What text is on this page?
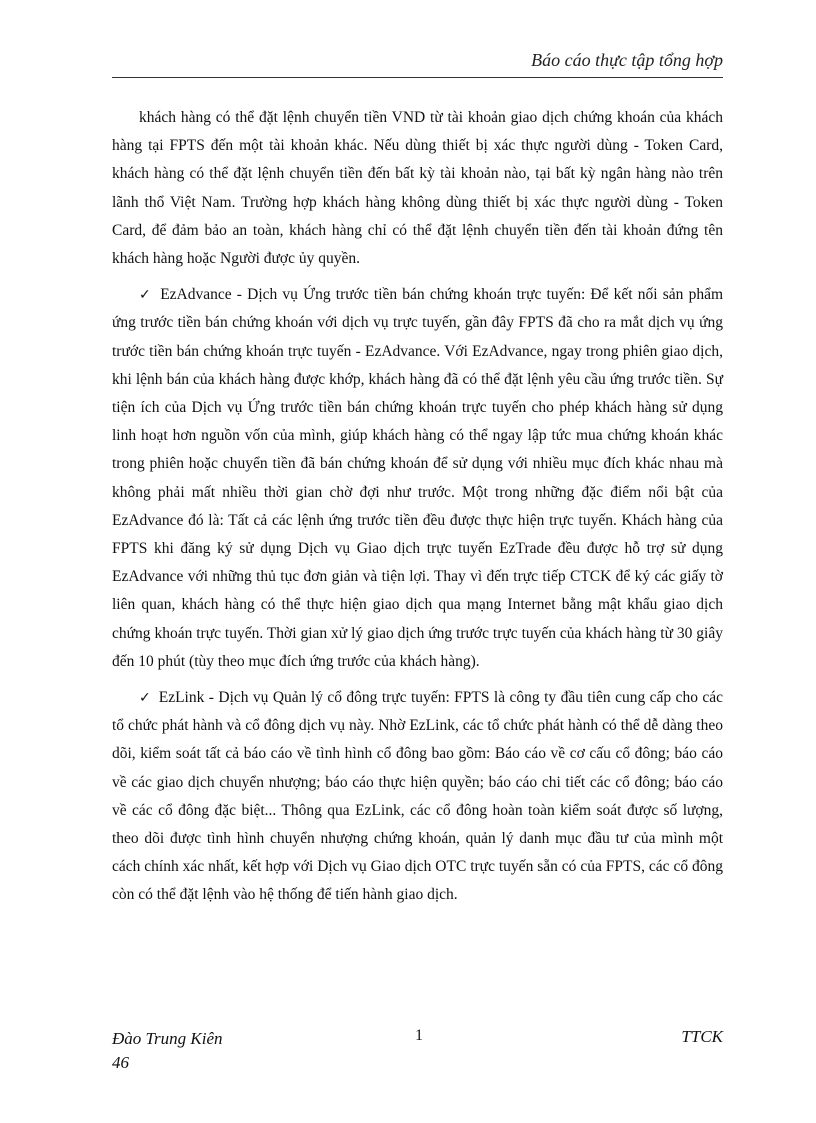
Báo cáo thực tập tổng hợp

khách hàng có thể đặt lệnh chuyển tiền VND từ tài khoản giao dịch chứng khoán của khách hàng tại FPTS đến một tài khoản khác. Nếu dùng thiết bị xác thực người dùng - Token Card, khách hàng có thể đặt lệnh chuyển tiền đến bất kỳ tài khoản nào, tại bất kỳ ngân hàng nào trên lãnh thổ Việt Nam. Trường hợp khách hàng không dùng thiết bị xác thực người dùng - Token Card, để đảm bảo an toàn, khách hàng chỉ có thể đặt lệnh chuyển tiền đến tài khoản đứng tên khách hàng hoặc Người được ủy quyền.

✓ EzAdvance - Dịch vụ Ứng trước tiền bán chứng khoán trực tuyến: Để kết nối sản phẩm ứng trước tiền bán chứng khoán với dịch vụ trực tuyến, gần đây FPTS đã cho ra mắt dịch vụ ứng trước tiền bán chứng khoán trực tuyến - EzAdvance. Với EzAdvance, ngay trong phiên giao dịch, khi lệnh bán của khách hàng được khớp, khách hàng đã có thể đặt lệnh yêu cầu ứng trước tiền. Sự tiện ích của Dịch vụ Ứng trước tiền bán chứng khoán trực tuyến cho phép khách hàng sử dụng linh hoạt hơn nguồn vốn của mình, giúp khách hàng có thể ngay lập tức mua chứng khoán khác trong phiên hoặc chuyển tiền đã bán chứng khoán để sử dụng với nhiều mục đích khác nhau mà không phải mất nhiều thời gian chờ đợi như trước. Một trong những đặc điểm nổi bật của EzAdvance đó là: Tất cả các lệnh ứng trước tiền đều được thực hiện trực tuyến. Khách hàng của FPTS khi đăng ký sử dụng Dịch vụ Giao dịch trực tuyến EzTrade đều được hỗ trợ sử dụng EzAdvance với những thủ tục đơn giản và tiện lợi. Thay vì đến trực tiếp CTCK để ký các giấy tờ liên quan, khách hàng có thể thực hiện giao dịch qua mạng Internet bằng mật khẩu giao dịch chứng khoán trực tuyến. Thời gian xử lý giao dịch ứng trước trực tuyến của khách hàng từ 30 giây đến 10 phút (tùy theo mục đích ứng trước của khách hàng).

✓ EzLink - Dịch vụ Quản lý cổ đông trực tuyến: FPTS là công ty đầu tiên cung cấp cho các tổ chức phát hành và cổ đông dịch vụ này. Nhờ EzLink, các tổ chức phát hành có thể dễ dàng theo dõi, kiểm soát tất cả báo cáo về tình hình cổ đông bao gồm: Báo cáo về cơ cấu cổ đông; báo cáo về các giao dịch chuyển nhượng; báo cáo thực hiện quyền; báo cáo chi tiết các cổ đông; báo cáo về các cổ đông đặc biệt... Thông qua EzLink, các cổ đông hoàn toàn kiểm soát được số lượng, theo dõi được tình hình chuyển nhượng chứng khoán, quản lý danh mục đầu tư của mình một cách chính xác nhất, kết hợp với Dịch vụ Giao dịch OTC trực tuyến sẵn có của FPTS, các cổ đông còn có thể đặt lệnh vào hệ thống để tiến hành giao dịch.

Đào Trung Kiên
46
1	TTCK
